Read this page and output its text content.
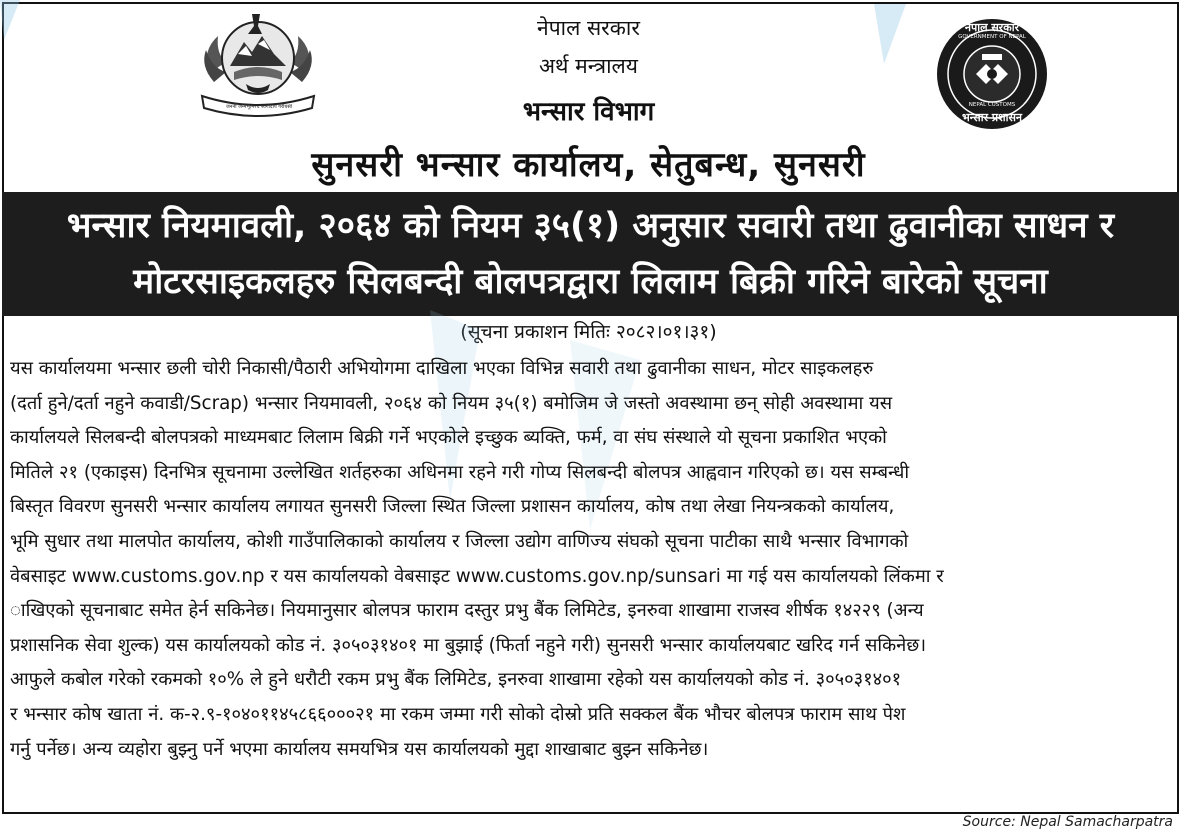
जननी जन्मभूमिश्च स्वर्गादपि गरीयसी
नेपाल सरकार
GOVERNMENT OF NEPAL
NEPAL CUSTOMS
भन्सार प्रशासन
नेपाल सरकार
अर्थ मन्त्रालय
भन्सार विभाग
सुनसरी भन्सार कार्यालय, सेतुबन्ध, सुनसरी
भन्सार नियमावली, २०६४ को नियम ३५(१) अनुसार सवारी तथा ढुवानीका साधन र
मोटरसाइकलहरु सिलबन्दी बोलपत्रद्वारा लिलाम बिक्री गरिने बारेको सूचना
(सूचना प्रकाशन मितिः २०८२।०१।३१)
यस कार्यालयमा भन्सार छली चोरी निकासी/पैठारी अभियोगमा दाखिला भएका विभिन्न सवारी तथा ढुवानीका साधन, मोटर साइकलहरु
(दर्ता हुने/दर्ता नहुने कवाडी/Scrap) भन्सार नियमावली, २०६४ को नियम ३५(१) बमोजिम जे जस्तो अवस्थामा छन् सोही अवस्थामा यस
कार्यालयले सिलबन्दी बोलपत्रको माध्यमबाट लिलाम बिक्री गर्ने भएकोले इच्छुक ब्यक्ति, फर्म, वा संघ संस्थाले यो सूचना प्रकाशित भएको
मितिले २१ (एकाइस) दिनभित्र सूचनामा उल्लेखित शर्तहरुका अधिनमा रहने गरी गोप्य सिलबन्दी बोलपत्र आह्ववान गरिएको छ। यस सम्बन्धी
बिस्तृत विवरण सुनसरी भन्सार कार्यालय लगायत सुनसरी जिल्ला स्थित जिल्ला प्रशासन कार्यालय, कोष तथा लेखा नियन्त्रकको कार्यालय,
भूमि सुधार तथा मालपोत कार्यालय, कोशी गाउँपालिकाको कार्यालय र जिल्ला उद्योग वाणिज्य संघको सूचना पाटीका साथै भन्सार विभागको
वेबसाइट www.customs.gov.np र यस कार्यालयको वेबसाइट www.customs.gov.np/sunsari मा गई यस कार्यालयको लिंकमा र
ाखिएको सूचनाबाट समेत हेर्न सकिनेछ। नियमानुसार बोलपत्र फाराम दस्तुर प्रभु बैंक लिमिटेड, इनरुवा शाखामा राजस्व शीर्षक १४२२९ (अन्य
प्रशासनिक सेवा शुल्क) यस कार्यालयको कोड नं. ३०५०३१४०१ मा बुझाई (फिर्ता नहुने गरी) सुनसरी भन्सार कार्यालयबाट खरिद गर्न सकिनेछ।
आफुले कबोल गरेको रकमको १०% ले हुने धरौटी रकम प्रभु बैंक लिमिटेड, इनरुवा शाखामा रहेको यस कार्यालयको कोड नं. ३०५०३१४०१
र भन्सार कोष खाता नं. क-२.९-१०४०११४५८६६०००२१ मा रकम जम्मा गरी सोको दोस्रो प्रति सक्कल बैंक भौचर बोलपत्र फाराम साथ पेश
गर्नु पर्नेछ। अन्य व्यहोरा बुझ्नु पर्ने भएमा कार्यालय समयभित्र यस कार्यालयको मुद्दा शाखाबाट बुझ्न सकिनेछ।
Source: Nepal Samacharpatra
